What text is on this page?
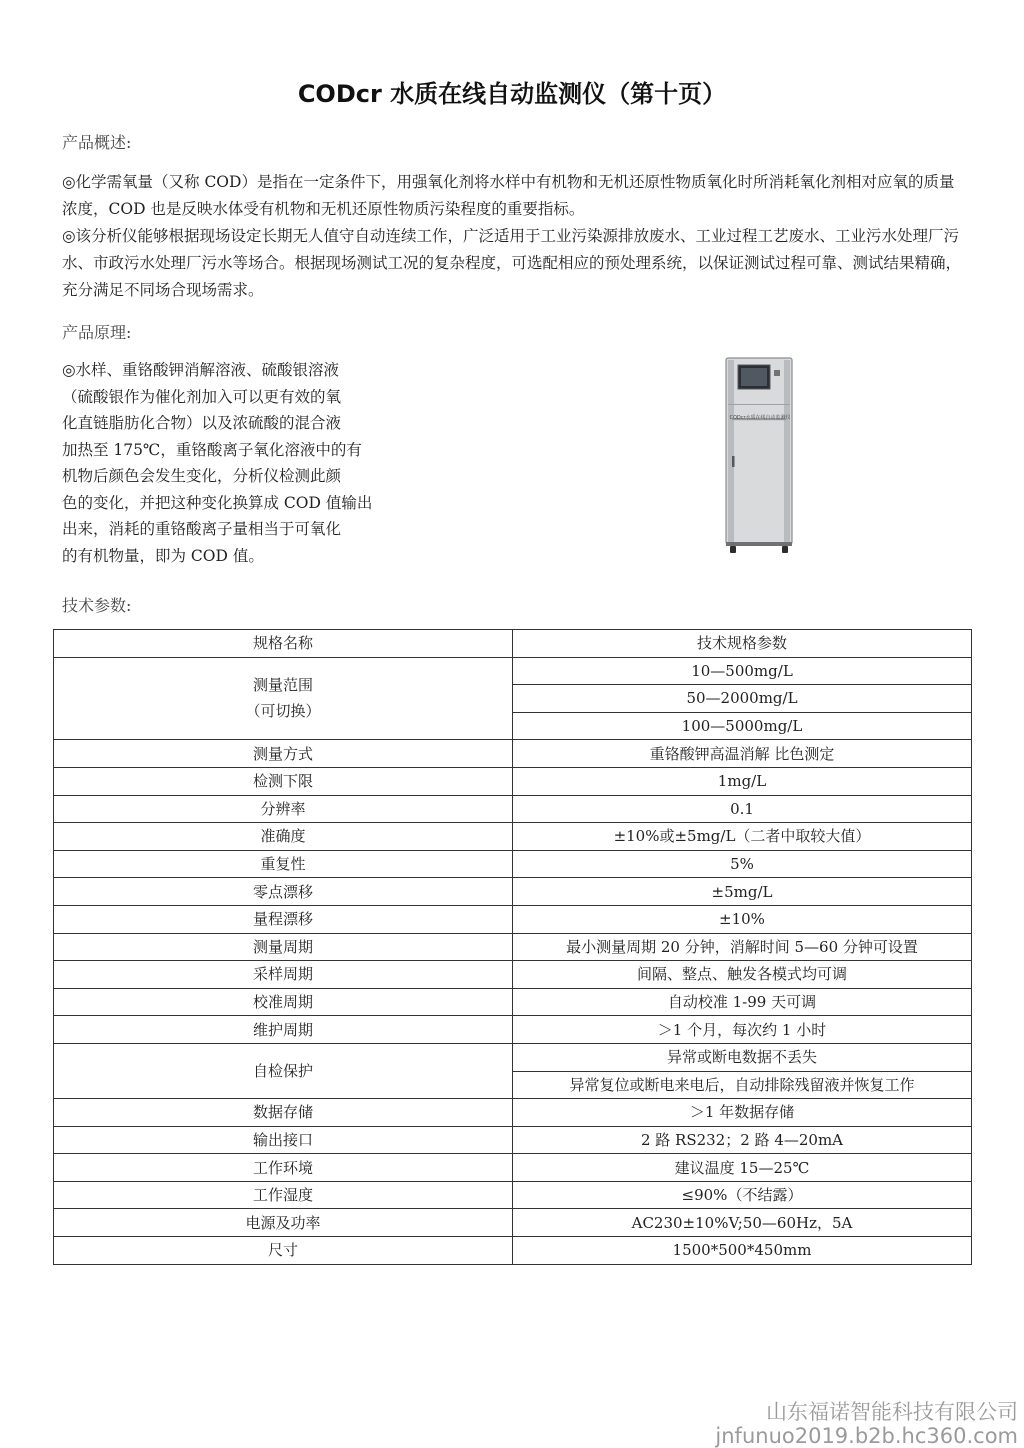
CODcr 水质在线自动监测仪（第十页）
产品概述:
◎化学需氧量（又称 COD）是指在一定条件下，用强氧化剂将水样中有机物和无机还原性物质氧化时所消耗氧化剂相对应氧的质量浓度，COD 也是反映水体受有机物和无机还原性物质污染程度的重要指标。
◎该分析仪能够根据现场设定长期无人值守自动连续工作，广泛适用于工业污染源排放废水、工业过程工艺废水、工业污水处理厂污水、市政污水处理厂污水等场合。根据现场测试工况的复杂程度，可选配相应的预处理系统，以保证测试过程可靠、测试结果精确，充分满足不同场合现场需求。
产品原理:
◎水样、重铬酸钾消解溶液、硫酸银溶液
（硫酸银作为催化剂加入可以更有效的氧
化直链脂肪化合物）以及浓硫酸的混合液
加热至 175℃，重铬酸离子氧化溶液中的有
机物后颜色会发生变化，分析仪检测此颜
色的变化，并把这种变化换算成 COD 值输出
出来，消耗的重铬酸离子量相当于可氧化
的有机物量，即为 COD 值。
CODcr水质在线自动监测仪
技术参数:
规格名称	技术规格参数

测量范围
（可切换）	10—500mg/L
	50—2000mg/L
	100—5000mg/L
测量方式	重铬酸钾高温消解 比色测定
检测下限	1mg/L
分辨率	0.1
准确度	±10%或±5mg/L（二者中取较大值）
重复性	5%
零点漂移	±5mg/L
量程漂移	±10%
测量周期	最小测量周期 20 分钟，消解时间 5—60 分钟可设置
采样周期	间隔、整点、触发各模式均可调
校准周期	自动校准 1-99 天可调
维护周期	＞1 个月，每次约 1 小时
自检保护	异常或断电数据不丢失
	异常复位或断电来电后，自动排除残留液并恢复工作
数据存储	＞1 年数据存储
输出接口	2 路 RS232；2 路 4—20mA
工作环境	建议温度 15—25℃
工作湿度	≤90%（不结露）
电源及功率	AC230±10%V;50—60Hz，5A
尺寸	1500*500*450mm
山东福诺智能科技有限公司
jnfunuo2019.b2b.hc360.com
